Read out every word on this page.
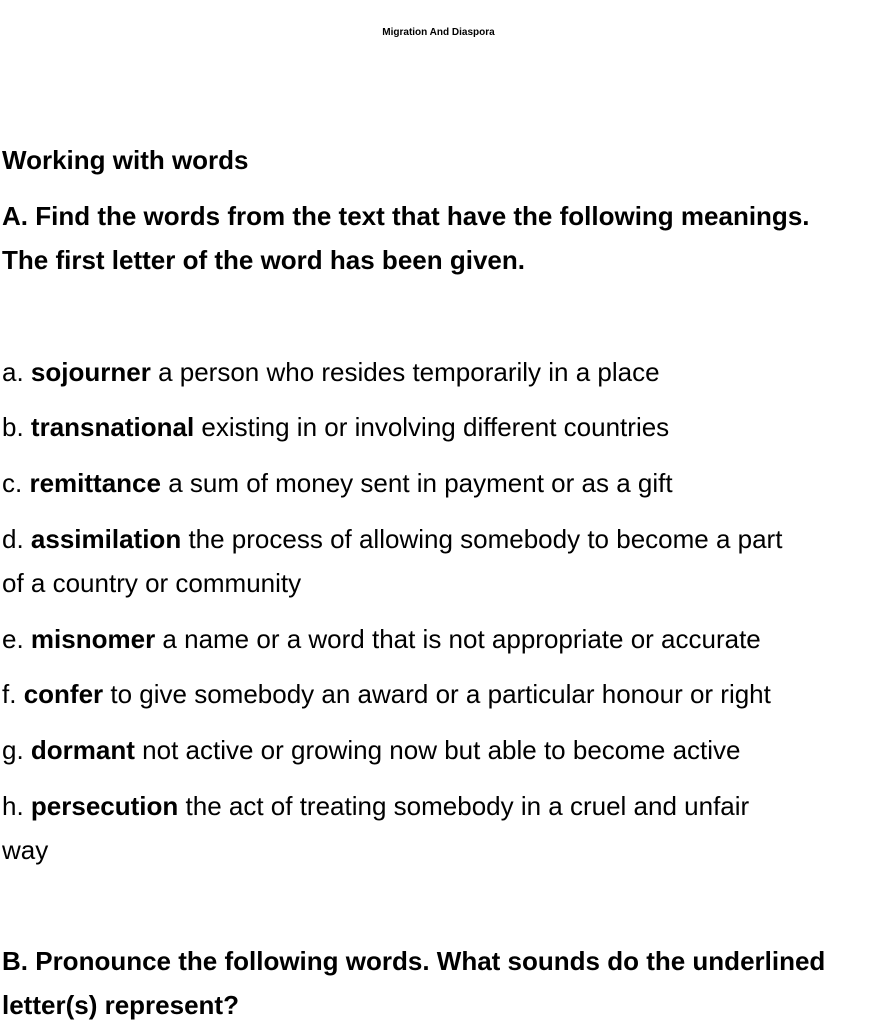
Migration And Diaspora
Working with words
A. Find the words from the text that have the following meanings.
The first letter of the word has been given.
a. sojourner a person who resides temporarily in a place
b. transnational existing in or involving different countries
c. remittance a sum of money sent in payment or as a gift
d. assimilation the process of allowing somebody to become a part
of a country or community
e. misnomer a name or a word that is not appropriate or accurate
f. confer to give somebody an award or a particular honour or right
g. dormant not active or growing now but able to become active
h. persecution the act of treating somebody in a cruel and unfair
way
B. Pronounce the following words. What sounds do the underlined
letter(s) represent?
